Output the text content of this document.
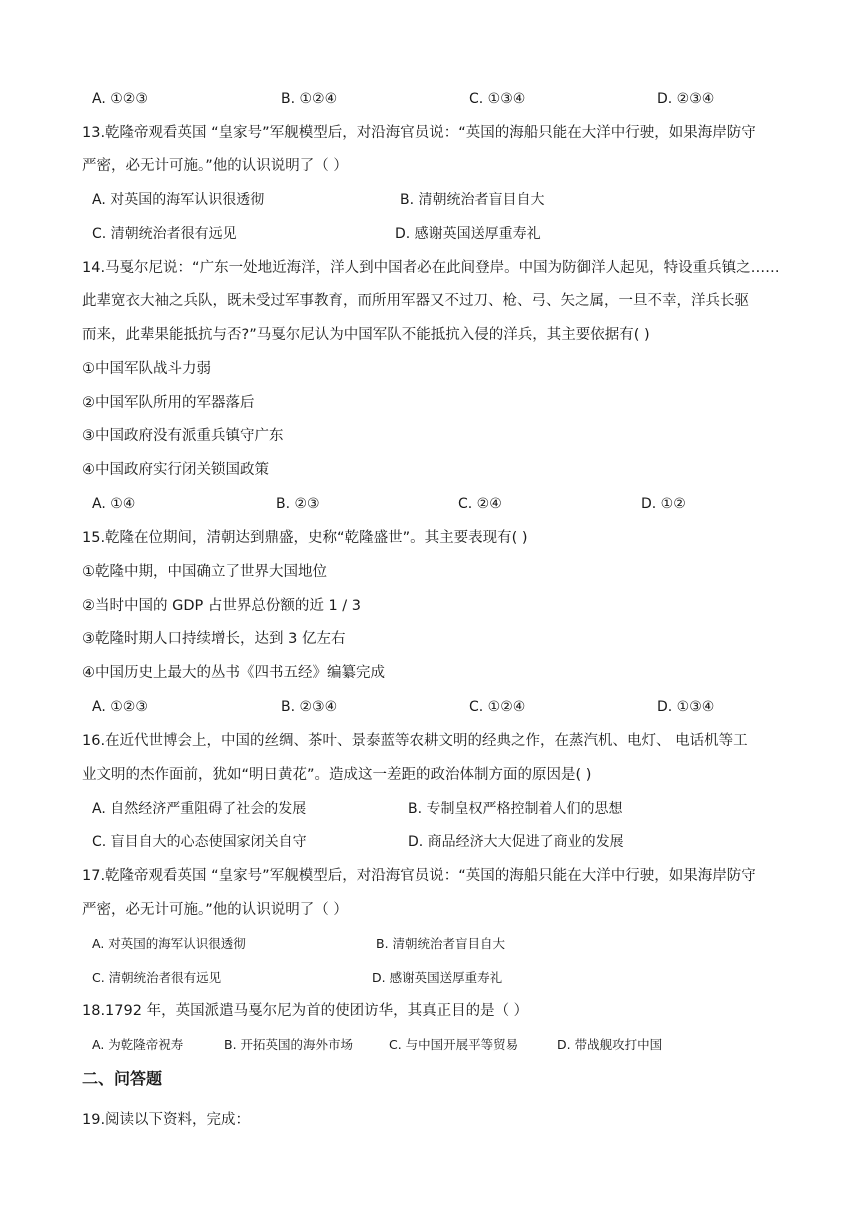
A. ①②③	B. ①②④	C. ①③④	D. ②③④
13.乾隆帝观看英国 “皇家号”军舰模型后，对沿海官员说：“英国的海船只能在大洋中行驶，如果海岸防守
严密，必无计可施。”他的认识说明了（ ）
A. 对英国的海军认识很透彻	B. 清朝统治者盲目自大
C. 清朝统治者很有远见	D. 感谢英国送厚重寿礼
14.马戛尔尼说：“广东一处地近海洋，洋人到中国者必在此间登岸。中国为防御洋人起见，特设重兵镇之……
此辈宽衣大袖之兵队，既未受过军事教育，而所用军器又不过刀、枪、弓、矢之属，一旦不幸，洋兵长驱
而来，此辈果能抵抗与否?”马戛尔尼认为中国军队不能抵抗入侵的洋兵，其主要依据有( )
①中国军队战斗力弱
②中国军队所用的军器落后
③中国政府没有派重兵镇守广东
④中国政府实行闭关锁国政策
A. ①④	B. ②③	C. ②④	D. ①②
15.乾隆在位期间，清朝达到鼎盛，史称“乾隆盛世”。其主要表现有( )
①乾隆中期，中国确立了世界大国地位
②当时中国的 GDP 占世界总份额的近 1 / 3
③乾隆时期人口持续增长，达到 3 亿左右
④中国历史上最大的丛书《四书五经》编纂完成
A. ①②③	B. ②③④	C. ①②④	D. ①③④
16.在近代世博会上，中国的丝绸、茶叶、景泰蓝等农耕文明的经典之作，在蒸汽机、电灯、 电话机等工
业文明的杰作面前，犹如“明日黄花”。造成这一差距的政治体制方面的原因是( )
A. 自然经济严重阻碍了社会的发展	B. 专制皇权严格控制着人们的思想
C. 盲目自大的心态使国家闭关自守	D. 商品经济大大促进了商业的发展
17.乾隆帝观看英国 “皇家号”军舰模型后，对沿海官员说：“英国的海船只能在大洋中行驶，如果海岸防守
严密，必无计可施。”他的认识说明了（ ）
A. 对英国的海军认识很透彻	B. 清朝统治者盲目自大
C. 清朝统治者很有远见	D. 感谢英国送厚重寿礼
18.1792 年，英国派遣马戛尔尼为首的使团访华，其真正目的是（ ）
A. 为乾隆帝祝寿	B. 开拓英国的海外市场	C. 与中国开展平等贸易	D. 带战舰攻打中国
二、问答题
19.阅读以下资料，完成：
